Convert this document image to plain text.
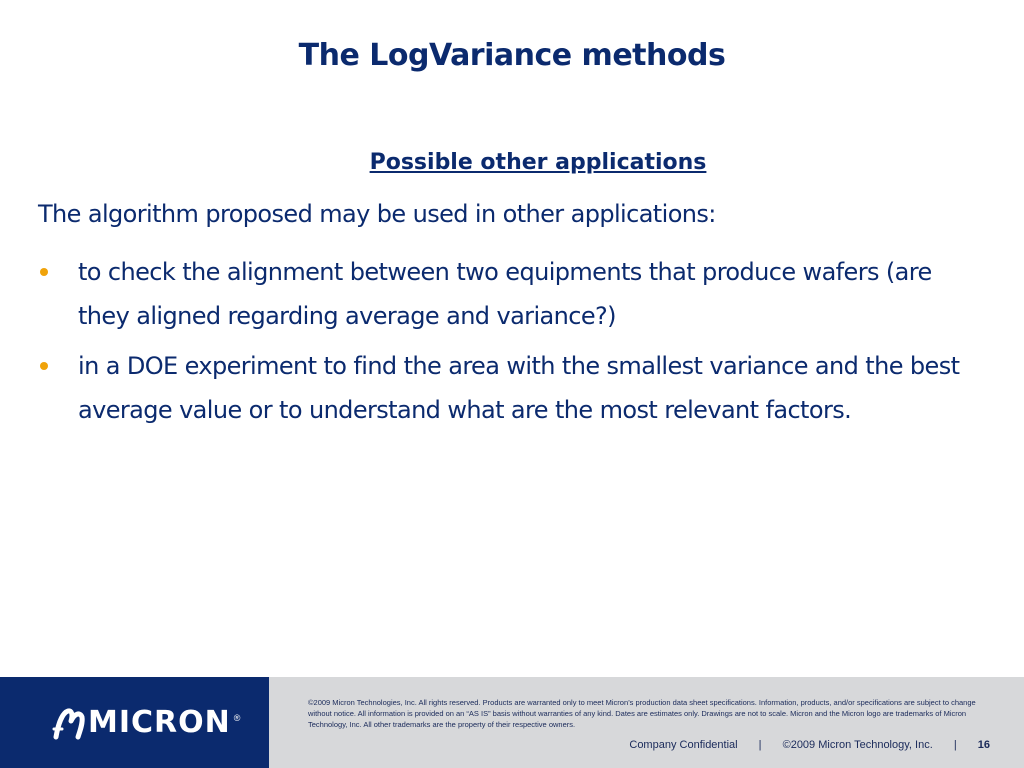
The LogVariance methods
Possible other applications
The algorithm proposed may be used in other applications:
to check the alignment between two equipments that produce wafers (are they aligned regarding average and variance?)
in a DOE experiment to find the area with the smallest variance and the best average value or to understand what are the most relevant factors.
MICRON ®
©2009 Micron Technologies, Inc. All rights reserved. Products are warranted only to meet Micron’s production data sheet specifications. Information, products, and/or specifications are subject to change without notice. All information is provided on an “AS IS” basis without warranties of any kind. Dates are estimates only. Drawings are not to scale. Micron and the Micron logo are trademarks of Micron Technology, Inc. All other trademarks are the property of their respective owners.
Company Confidential | ©2009 Micron Technology, Inc. | 16
